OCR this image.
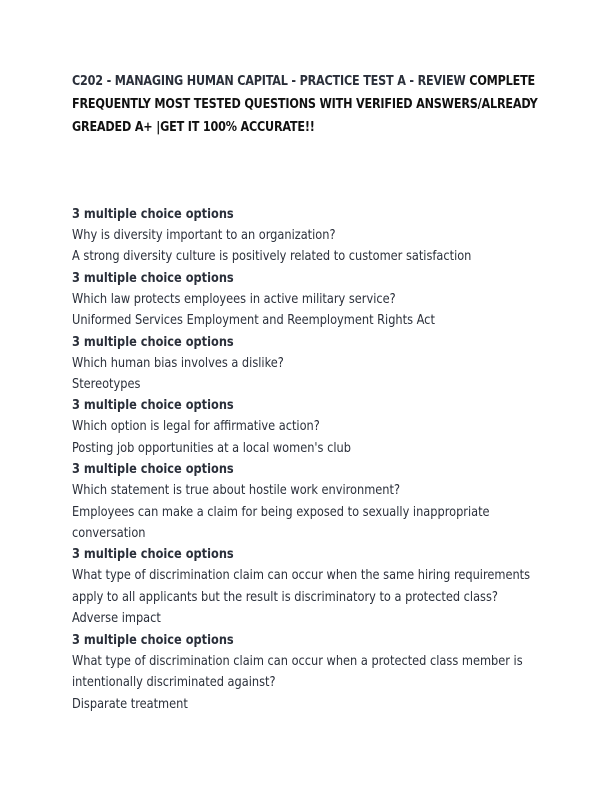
C202 - MANAGING HUMAN CAPITAL - PRACTICE TEST A - REVIEW COMPLETE FREQUENTLY MOST TESTED QUESTIONS WITH VERIFIED ANSWERS/ALREADY GREADED A+ |GET IT 100% ACCURATE!!
3 multiple choice options
Why is diversity important to an organization?
A strong diversity culture is positively related to customer satisfaction
3 multiple choice options
Which law protects employees in active military service?
Uniformed Services Employment and Reemployment Rights Act
3 multiple choice options
Which human bias involves a dislike?
Stereotypes
3 multiple choice options
Which option is legal for affirmative action?
Posting job opportunities at a local women's club
3 multiple choice options
Which statement is true about hostile work environment?
Employees can make a claim for being exposed to sexually inappropriate conversation
3 multiple choice options
What type of discrimination claim can occur when the same hiring requirements apply to all applicants but the result is discriminatory to a protected class?
Adverse impact
3 multiple choice options
What type of discrimination claim can occur when a protected class member is intentionally discriminated against?
Disparate treatment
